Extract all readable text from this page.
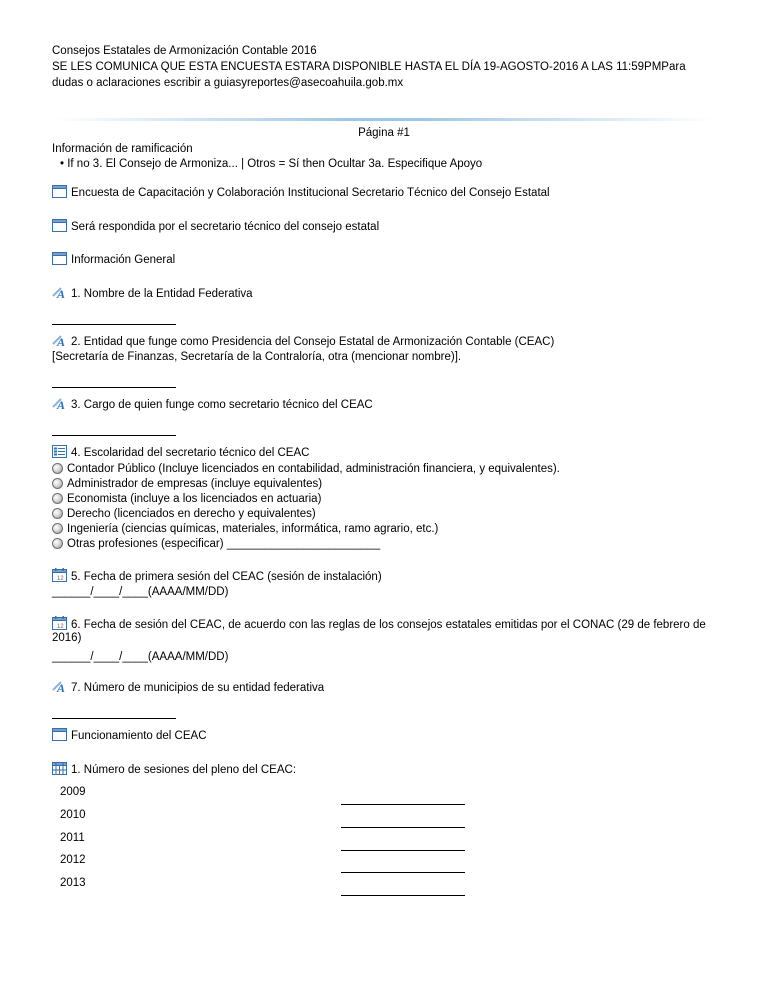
Consejos Estatales de Armonización Contable 2016
SE LES COMUNICA QUE ESTA ENCUESTA ESTARA DISPONIBLE HASTA EL DÍA 19-AGOSTO-2016 A LAS 11:59PMPara
dudas o aclaraciones escribir a guiasyreportes@asecoahuila.gob.mx
Página #1
Información de ramificación
• If no 3. El Consejo de Armoniza... | Otros = Sí then Ocultar 3a. Especifique Apoyo
Encuesta de Capacitación y Colaboración Institucional Secretario Técnico del Consejo Estatal
Será respondida por el secretario técnico del consejo estatal
Información General
A 1. Nombre de la Entidad Federativa
A 2. Entidad que funge como Presidencia del Consejo Estatal de Armonización Contable (CEAC)
[Secretaría de Finanzas, Secretaría de la Contraloría, otra (mencionar nombre)].
A 3. Cargo de quien funge como secretario técnico del CEAC
4. Escolaridad del secretario técnico del CEAC
Contador Público (Incluye licenciados en contabilidad, administración financiera, y equivalentes).
Administrador de empresas (incluye equivalentes)
Economista (incluye a los licenciados en actuaria)
Derecho (licenciados en derecho y equivalentes)
Ingeniería (ciencias químicas, materiales, informática, ramo agrario, etc.)
Otras profesiones (especificar) ________________________
12 5. Fecha de primera sesión del CEAC (sesión de instalación)
______/____/____(AAAA/MM/DD)
12 6. Fecha de sesión del CEAC, de acuerdo con las reglas de los consejos estatales emitidas por el CONAC (29 de febrero de
2016)
______/____/____(AAAA/MM/DD)
A 7. Número de municipios de su entidad federativa
Funcionamiento del CEAC
1. Número de sesiones del pleno del CEAC:
2009
2010
2011
2012
2013
